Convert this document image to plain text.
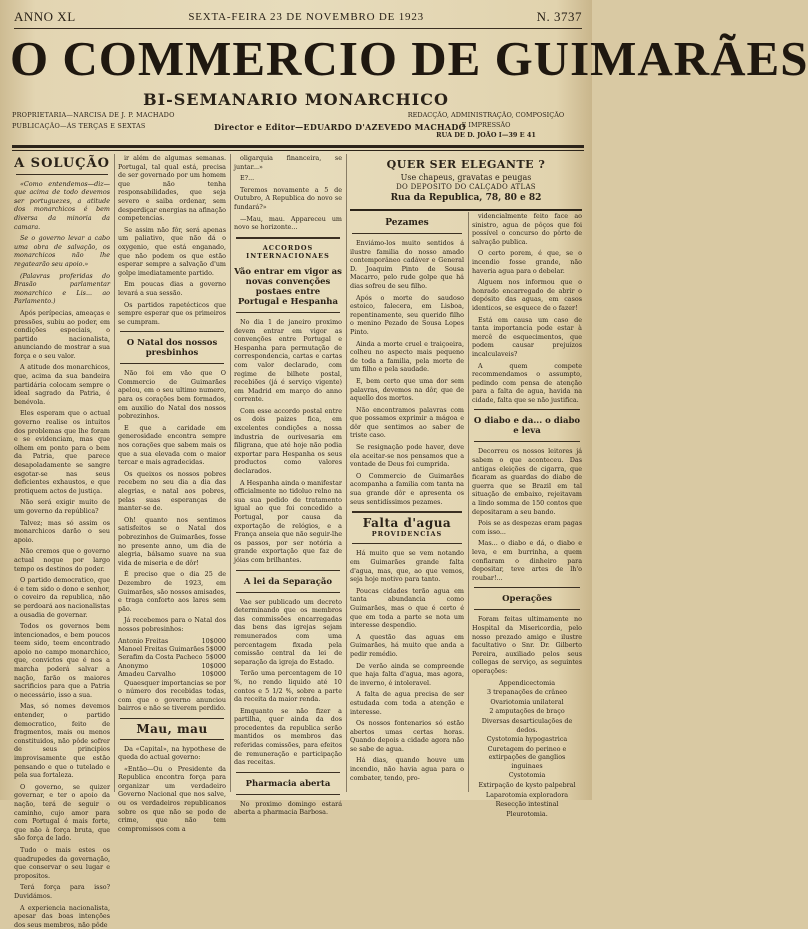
ANNO XL	SEXTA-FEIRA 23 DE NOVEMBRO DE 1923	N. 3737
O COMMERCIO DE GUIMARÃES
BI-SEMANARIO MONARCHICO
PROPRIETARIA—NARCISA DE J. P. MACHADO
PUBLICAÇÃO—ÁS TERÇAS E SEXTAS	Director e Editor—EDUARDO D'AZEVEDO MACHADO
REDACÇÃO, ADMINISTRAÇÃO, COMPOSIÇÃO
E IMPRESSÃO
RUA DE D. JOÃO I—39 E 41
A SOLUÇÃO

«Como entendemos—diz—que acima de todo devemos ser portuguezes, a atitude dos monarchicos é bem diversa da minoria da camara.

Se o governo levar a cabo uma obra de salvação, os monarchicos não lhe regatearão seu apoio.»

(Palavras proferidas do Brasão parlamentar monarchico e Lis... ao Parlamento.)

Após perípecias, ameaças e pressões, subiu ao poder, em condições especiais, o partido nacionalista, anunciando de mostrar a sua força e o seu valor.

A atitude dos monarchicos, que, acima da sua bandeira partidária colocam sempre o ideal sagrado da Patria, é benévola.

Eles esperam que o actual governo realise os intuitos dos problemas que lhe foram e se evidenciam, mas que olhem em ponto para o bem da Patria, que parece desapoladamente se sangre esgotar-se nas seus deficientes exhaustos, e que protiquem actos de justiça.

Não será exigir muito de um governo da república?

Talvez; mas só assim os monarchicos darão o seu apoio.

Não cremos que o governo actual noque por largo tempo os destinos do poder.

O partido democratico, que é e tem sido o dono e senhor, o coveiro da republica, não se perdoará aos nacionalistas a ousadia de governar.

Todos os governos bem intencionados, e bem poucos teem sido, teem encontrado apoio no campo monarchico, que, convictos que é nos a marcha poderá salvar a nação, farão os maiores sacrificios para que a Patria o necessário, isso a sua.

Mas, só nomes devemos entender, o partido democratico, feito de fragmentos, mais ou menos constituidos, não pôde sofrer de seus principios improvisamente que estão pensando e que o tutelado e pela sua fortaleza.

O governo, se quizer governar, e ter o apoio da nação, terá de seguir o caminho, cujo amor para com Portugal é mais forte, que não à força bruta, que são força de lado.

Tudo o mais estes os quadrupedes da governação, que conservar o seu lugar e propositos.

Terá força para isso? Duvidámos.

A experiencia nacionalista, apesar das boas intenções dos seus membros, não pôde

ir além de algumas semanas. Portugal, tal qual está, precisa de ser governado por um homem que não tenha responsabilidades, que seja severo e saiba ordenar, sem desperdiçar energias na afinação competencias.

Se assim não fôr, será apenas um paliativo, que não dá o oxygenio, que está enganado, que não podem os que estão esperar sempre a salvação d'um golpe imediatamente partido.

Em poucas dias a governo levará a sua sessão.

Os partidos rapetécticos que sempre esperar que os primeiros se cumpram.

O Natal dos nossos presbinhos

Não foi em vão que O Commercio de Guimarães apelou, em o seu ultimo numero, para os corações bem formados, em auxilio do Natal dos nossos pobrezinhos.

E que a caridade em generosidade encontra sempre nos corações que sabem mais os que a sua elevada com o maior tercar e mais agradecidas.

Os queixos os nossos pobres recebem no seu dia a dia das alegrias, e natal aos pobres, pelas suas esperanças de manter-se de.

Oh! quanto nos sentimos satisfeitos se o Natal dos pobrezinhos de Guimarães, fosse no presente anno, um dia de alegria, bálsamo suave na sua vida de miseria e de dôr!

É preciso que o dia 25 de Dezembro de 1923, em Guimarães, são nossos amisades, e traga conforto aos lares sem pão.

Já recebemos para o Natal dos nossos pobresinhos:

Antonio Freitas	10$000
Manoel Freitas Guimarães 5$000
Serafim da Costa Pacheco 5$000
Anonymo	10$000
Amadeu Carvalho	10$000

Quaesquer importancias se por o número dos recebidas todas, com que o governo anunciou bairros e não se tiverem perdido.

Mau, mau

Da «Capital», na hypothese de queda do actual governo:

«Então—Ou o Presidente da Republica encontra força para organizar um verdadeiro Governo Nacional que nos salve, ou os verdadeiros republicanos sobre os que não se podo de crime, que não tem compromissos com a

oligarquia financeira, se juntar...»

E?...

Teremos novamente a 5 de Outubro, A Republica do novo se fundará?»

—Mau, mau. Appareceu um novo se horizonte...

ACCORDOS INTERNACIONAES
Vão entrar em vigor as novas convenções postaes entre Portugal e Hespanha

No dia 1 de janeiro proximo devem entrar em vigor as convenções entre Portugal e Hespanha para permutação de correspondencia, cartas e cartas com valor declarado, com regime de bilhete postal, recebiões (já é serviço vigente) em Madrid em março do anno corrente.

Com esse accordo postal entre os dois paizes fica, em excelentes condições a nossa industria de ourivesaria em filigrana, que até hoje não podia exportar para Hespanha os seus productos como valores declarados.

A Hespanha ainda o manifestar officialmente no tidoluo relno na sua sua pedido de tratamento igual ao que foi concedido a Portugal, por causa da exportação de relógios, e a França anseia que não seguir-lhe os passos, por ser notória a grande exportação que faz de jóias com brilhantes.

A lei da Separação

Vae ser publicado um decreto determinando que os membros das commissões encarregadas das bens das igrejas sejam remunerados com uma percentagem fixada pela comissão central da lei de separação da igreja do Estado.

Terão uma percentagem de 10 %, no rendo liquido até 10 contos e 5 1/2 %, sobre a parte da receita da maior renda.

Emquanto se não fizer a partilha, quer ainda da dos procedentes da republica serão mantidos os membros das referidas comissões, para efeitos de remuneração e participação das receitas.

Pharmacia aberta

No proximo domingo estará aberta a pharmacia Barbosa.

QUER SER ELEGANTE ?
Use chapeus, gravatas e peugas
DO DEPOSITO DO CALÇADO ATLAS
Rua da Republica, 78, 80 e 82
Pezames

Enviámo-los muito sentidos á ilustre familia do nosso amado contemporâneo cadáver e General D. Joaquim Pinto de Sousa Macarro, pelo rude golpe que há dias sofreu de seu filho.

Após o morte do saudoso estoico, falecera, em Lisboa, repentinamente, seu querido filho o menino Pezado de Sousa Lopes Pinto.

Ainda a morte cruel e traiçoeira, colheu no aspecto mais pequeno de toda a familia, pela morte de um filho e pela saudade.

E, bem certo que uma dor sem palavras, devemos na dôr, que de aquello dos mortos.

Não encontramos palavras com que possamos exprimir a mágoa e dôr que sentimos ao saber de triste caso.

Se resignação pode haver, deve ela aceitar-se nos pensamos que a vontade de Deus foi cumprida.

O Commercio de Guimarães acompanha a familia com tanta na sua grande dôr e apresenta os seus sentidíssimos pezames.

Falta d'agua
PROVIDENCIAS

Há muito que se vem notando em Guimarães grande falta d'agua, mas, que, ao que vemos, seja hoje motivo para tanto.

Poucas cidades terão agua em tanta abundancia como Guimarães, mas o que é certo é que em toda a parte se nota um interesse despendio.

A questão das aguas em Guimarães, há muito que anda a pedir remédio.

De verão ainda se compreende que haja falta d'agua, mas agora, de inverno, é intoleravel.

A falta de agua precisa de ser estudada com toda a atenção e interesse.

Os nossos fontenarios só estão abertos umas certas horas. Quando depois a cidade agora não se sabe de agua.

Há dias, quando houve um incendio, não havia agua para o combater, tendo, pro-

videncialmente feito face ao sinistro, agua de pôços que foi possível o concurso do pôrto de salvação publica.

O certo porem, é que, se o incendio fosse grande, não haveria agua para o debelar.

Alguem nos informou que o honrado encarregado de abrir o depósito das aguas, em casos identicos, se esquece de o fazer!

Está em causa um caso de tanta importancia pode estar à mercê de esquecimentos, que podem causar prejuízos incalculaveis?

A quem compete recommendamos o assumpto, pedindo com pensa de atenção para a falta de agua, havida na cidade, falta que se não justifica.

O diabo e da... o diabo e leva

Decorreu os nossos leitores já sabem o que aconteceu. Das antigas eleições de cigarra, que ficaram as guardas do diabo de guerra que se Brazil em tal situação de embaixo, rejeitavam a lindo somma de 150 contos que depositaram a seu bando.

Pois se as despezas eram pagas com isso...

Mas... o diabo e dá, o diabo e leva, e em burrinha, a quem confiaram o dinheiro para depositar, teve artes de lh'o roubar!...

Operações

Foram feitas ultimamente no Hospital da Misericordia, pelo nosso prezado amigo e ilustre facultativo o Snr. Dr. Gilberto Pereira, auxiliado pelos seus collegas de serviço, as seguintes operações:

Appendicectomia

3 trepanações de crâneo

Ovariotomia unilateral

2 amputações de braço

Diversas desarticulações de dedos.

Cystotomia hypogastrica

Curetagem do perineo e extirpações de ganglios inguinaes

Cystotomia

Extirpação de kysto palpebral

Laparotomia exploradora

Resecção intestinal

Pleurotomia.
